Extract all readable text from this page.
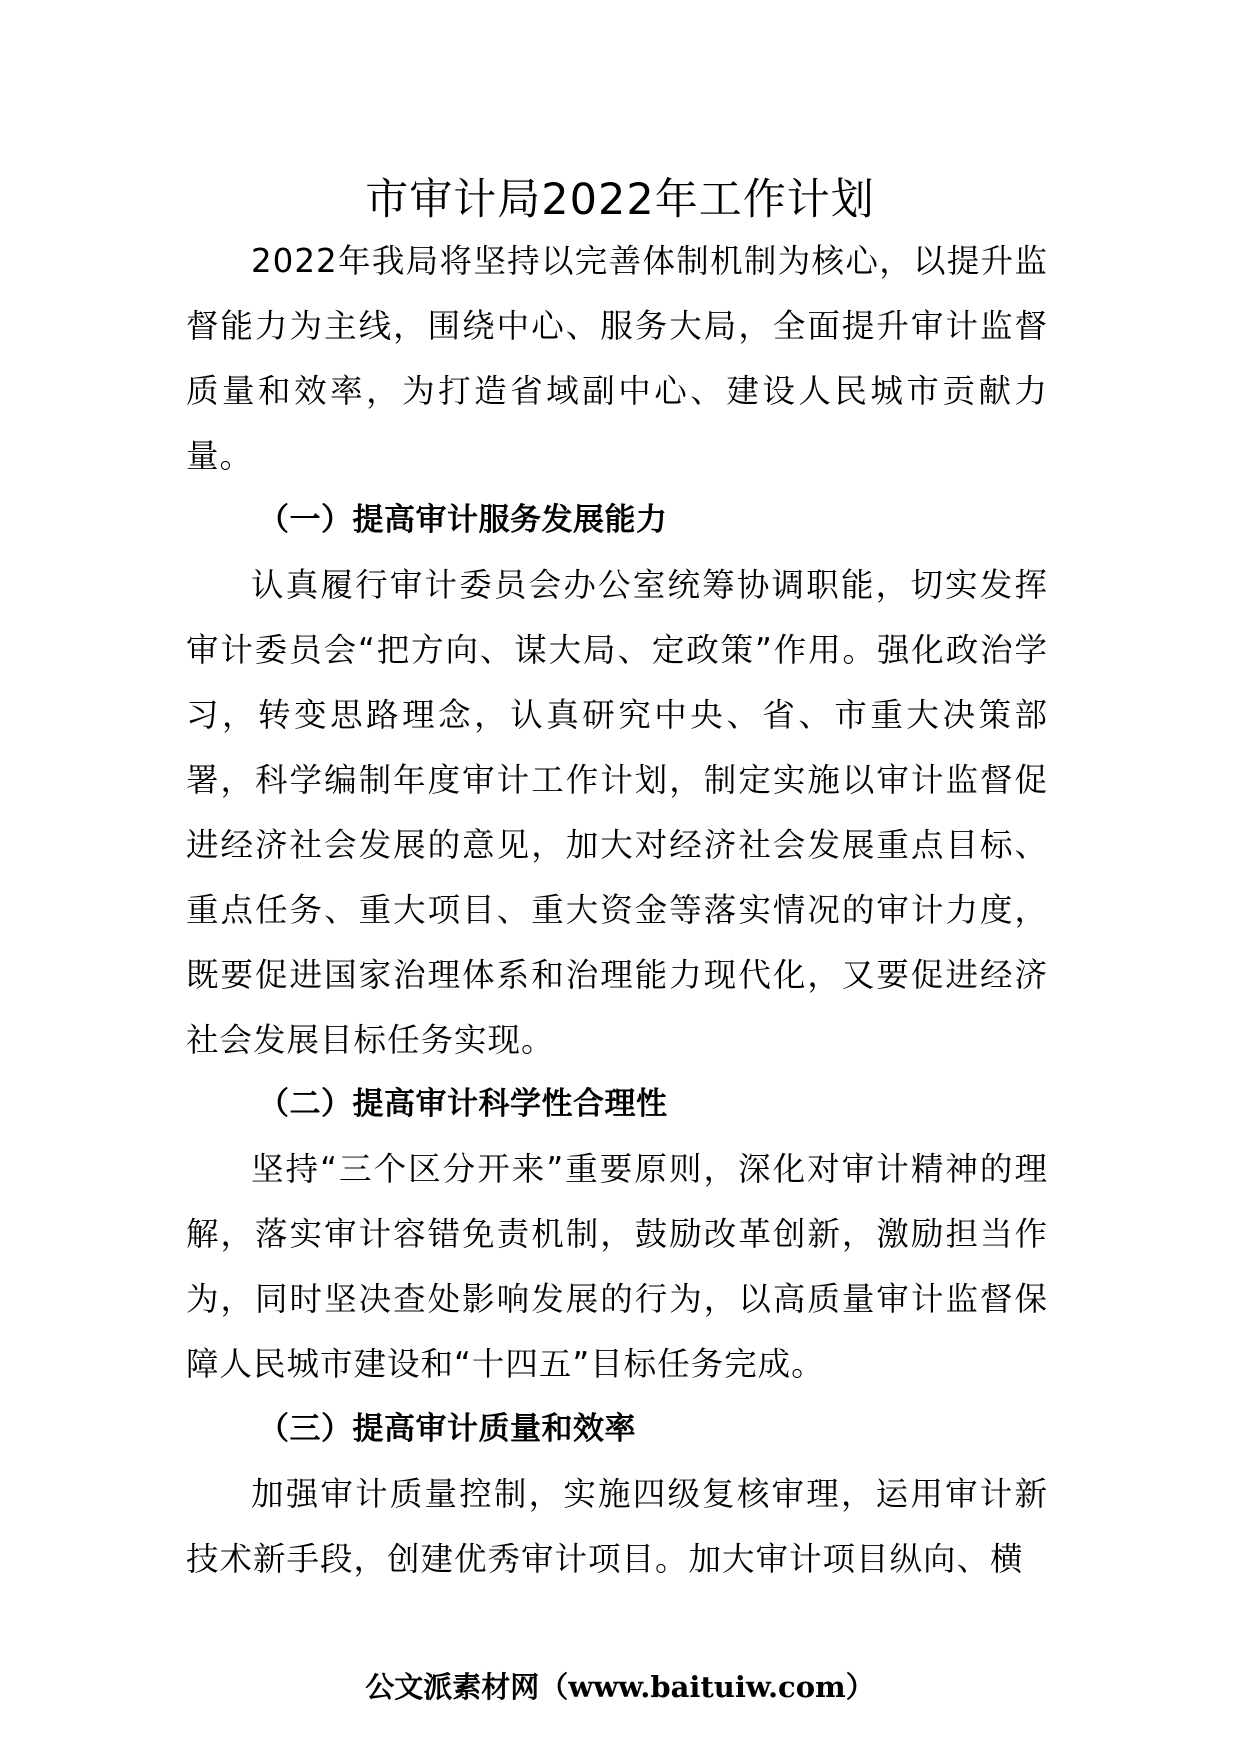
市审计局2022年工作计划

2022年我局将坚持以完善体制机制为核心，以提升监督能力为主线，围绕中心、服务大局，全面提升审计监督质量和效率，为打造省域副中心、建设人民城市贡献力量。

（一）提高审计服务发展能力

认真履行审计委员会办公室统筹协调职能，切实发挥审计委员会“把方向、谋大局、定政策”作用。强化政治学习，转变思路理念，认真研究中央、省、市重大决策部署，科学编制年度审计工作计划，制定实施以审计监督促进经济社会发展的意见，加大对经济社会发展重点目标、重点任务、重大项目、重大资金等落实情况的审计力度，既要促进国家治理体系和治理能力现代化，又要促进经济社会发展目标任务实现。

（二）提高审计科学性合理性

坚持“三个区分开来”重要原则，深化对审计精神的理解，落实审计容错免责机制，鼓励改革创新，激励担当作为，同时坚决查处影响发展的行为，以高质量审计监督保障人民城市建设和“十四五”目标任务完成。

（三）提高审计质量和效率

加强审计质量控制，实施四级复核审理，运用审计新技术新手段，创建优秀审计项目。加大审计项目纵向、横

公文派素材网（www.baituiw.com）
